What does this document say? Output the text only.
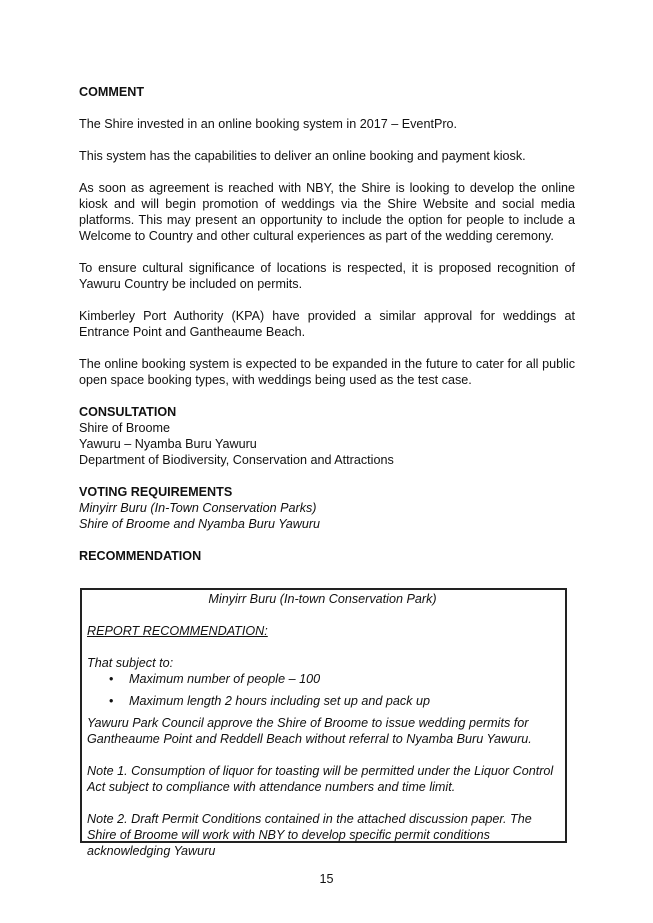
COMMENT

The Shire invested in an online booking system in 2017 – EventPro.

This system has the capabilities to deliver an online booking and payment kiosk.

As soon as agreement is reached with NBY, the Shire is looking to develop the online kiosk and will begin promotion of weddings via the Shire Website and social media platforms. This may present an opportunity to include the option for people to include a Welcome to Country and other cultural experiences as part of the wedding ceremony.

To ensure cultural significance of locations is respected, it is proposed recognition of Yawuru Country be included on permits.

Kimberley Port Authority (KPA) have provided a similar approval for weddings at Entrance Point and Gantheaume Beach.

The online booking system is expected to be expanded in the future to cater for all public open space booking types, with weddings being used as the test case.

CONSULTATION

Shire of Broome

Yawuru – Nyamba Buru Yawuru

Department of Biodiversity, Conservation and Attractions

VOTING REQUIREMENTS

Minyirr Buru (In-Town Conservation Parks)

Shire of Broome and Nyamba Buru Yawuru

RECOMMENDATION

Minyirr Buru (In-town Conservation Park)

REPORT RECOMMENDATION:

That subject to:

• Maximum number of people – 100
• Maximum length 2 hours including set up and pack up

Yawuru Park Council approve the Shire of Broome to issue wedding permits for Gantheaume Point and Reddell Beach without referral to Nyamba Buru Yawuru.

Note 1. Consumption of liquor for toasting will be permitted under the Liquor Control Act subject to compliance with attendance numbers and time limit.

Note 2. Draft Permit Conditions contained in the attached discussion paper. The Shire of Broome will work with NBY to develop specific permit conditions acknowledging Yawuru

15
